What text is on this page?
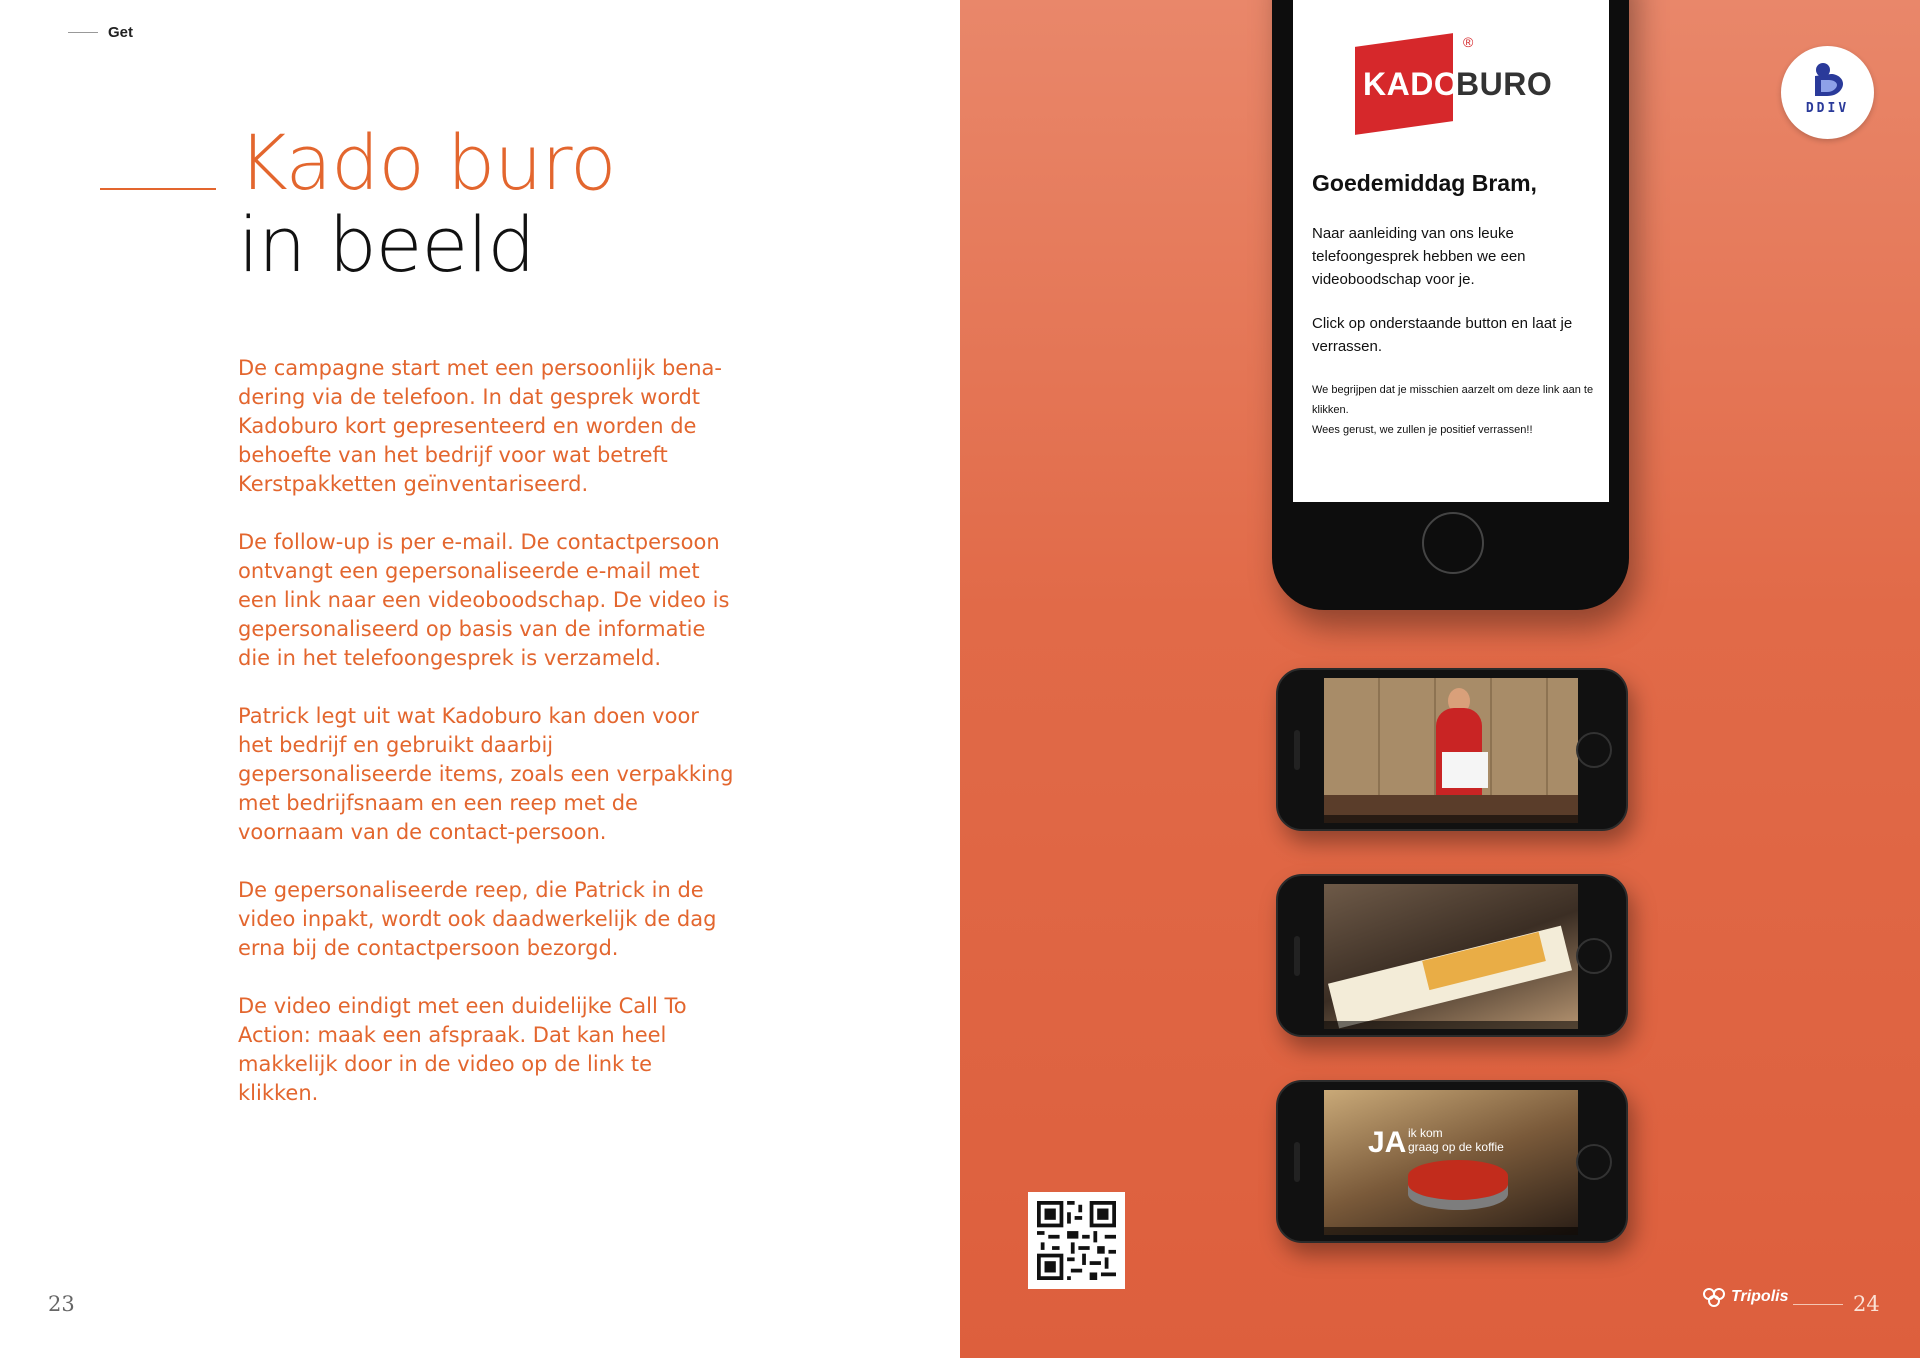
Get
Kado buro
in beeld

De campagne start met een persoonlijk bena-dering via de telefoon. In dat gesprek wordt Kadoburo kort gepresenteerd en worden de behoefte van het bedrijf voor wat betreft Kerstpakketten geïnventariseerd.

De follow-up is per e-mail. De contactpersoon ontvangt een gepersonaliseerde e-mail met een link naar een videoboodschap. De video is gepersonaliseerd op basis van de informatie die in het telefoongesprek is verzameld.

Patrick legt uit wat Kadoburo kan doen voor het bedrijf en gebruikt daarbij gepersonaliseerde items, zoals een verpakking met bedrijfsnaam en een reep met de voornaam van de contact-persoon.

De gepersonaliseerde reep, die Patrick in de video inpakt, wordt ook daadwerkelijk de dag erna bij de contactpersoon bezorgd.

De video eindigt met een duidelijke Call To Action: maak een afspraak. Dat kan heel makkelijk door in de video op de link te klikken.

23
KADO
BURO
®
Goedemiddag Bram,
Naar aanleiding van ons leuke telefoongesprek hebben we een videoboodschap voor je.
Click op onderstaande button en laat je verrassen.
We begrijpen dat je misschien aarzelt om deze link aan te klikken.
Wees gerust, we zullen je positief verrassen!!
JA ik kom
graag op de koffie
DDIV
Tripolis	24
